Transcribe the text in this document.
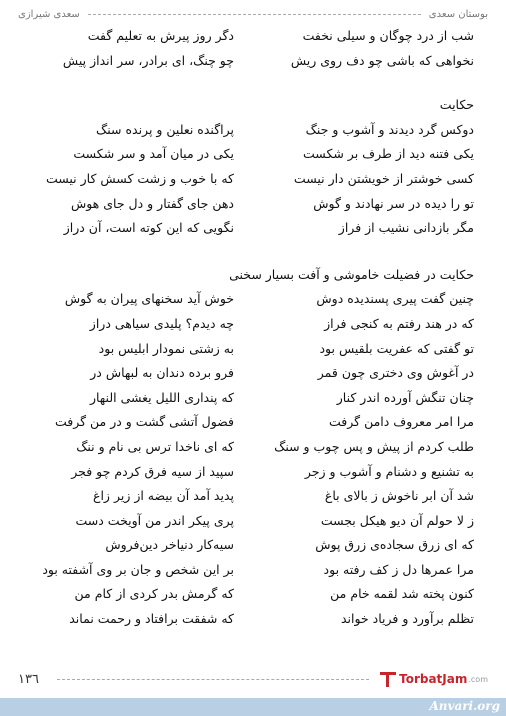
بوستان سعدی
سعدی شیرازی
شب از درد چوگان و سیلی نخفت
دگر روز پیرش به تعلیم گفت
نخواهی که باشی چو دف روی ریش
چو چنگ، ای برادر، سر انداز پیش
حکایت
دوکس گرد دیدند و آشوب و جنگ
پراگنده نعلین و پرنده سنگ
یکی فتنه دید از طرف بر شکست
یکی در میان آمد و سر شکست
کسی خوشتر از خویشتن دار نیست
که با خوب و زشت کسش کار نیست
تو را دیده در سر نهادند و گوش
دهن جای گفتار و دل جای هوش
مگر بازدانی نشیب از فراز
نگویی که این کوته است، آن دراز
حکایت در فضیلت خاموشی و آفت بسیار سخنی
چنین گفت پیری پسندیده دوش
خوش آید سخنهای پیران به گوش
که در هند رفتم به کنجی فراز
چه دیدم؟ پلیدی سیاهی دراز
تو گفتی که عفریت بلقیس بود
به زشتی نمودار ابلیس بود
در آغوش وی دختری چون قمر
فرو برده دندان به لبهاش در
چنان تنگش آورده اندر کنار
که پنداری اللیل یغشی النهار
مرا امر معروف دامن گرفت
فضول آتشی گشت و در من گرفت
طلب کردم از پیش و پس چوب و سنگ
که ای ناخدا ترس بی نام و ننگ
به تشنیع و دشنام و آشوب و زجر
سپید از سیه فرق کردم چو فجر
شد آن ابر ناخوش ز بالای باغ
پدید آمد آن بیضه از زیر زاغ
ز لا حولم آن دیو هیکل بجست
پری پیکر اندر من آویخت دست
که ای زرق سجاده‌ی زرق پوش
سیه‌کار دنیاخر دین‌فروش
مرا عمرها دل ز کف رفته بود
بر این شخص و جان بر وی آشفته بود
کنون پخته شد لقمه خام من
که گرمش بدر کردی از کام من
تظلم برآورد و فریاد خواند
که شفقت برافتاد و رحمت نماند
١٣٦	TorbatJam .com
Anvari.org
